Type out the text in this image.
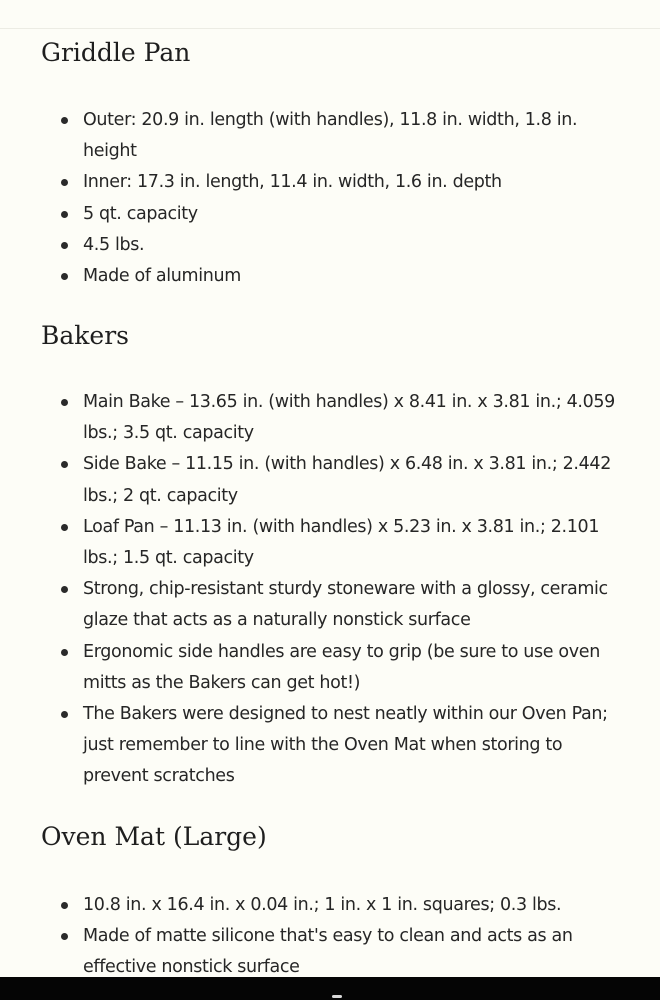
Griddle Pan
Outer: 20.9 in. length (with handles), 11.8 in. width, 1.8 in. height
Inner: 17.3 in. length, 11.4 in. width, 1.6 in. depth
5 qt. capacity
4.5 lbs.
Made of aluminum
Bakers
Main Bake – 13.65 in. (with handles) x 8.41 in. x 3.81 in.; 4.059 lbs.; 3.5 qt. capacity
Side Bake – 11.15 in. (with handles) x 6.48 in. x 3.81 in.; 2.442 lbs.; 2 qt. capacity
Loaf Pan – 11.13 in. (with handles) x 5.23 in. x 3.81 in.; 2.101 lbs.; 1.5 qt. capacity
Strong, chip-resistant sturdy stoneware with a glossy, ceramic glaze that acts as a naturally nonstick surface
Ergonomic side handles are easy to grip (be sure to use oven mitts as the Bakers can get hot!)
The Bakers were designed to nest neatly within our Oven Pan; just remember to line with the Oven Mat when storing to prevent scratches
Oven Mat (Large)
10.8 in. x 16.4 in. x 0.04 in.; 1 in. x 1 in. squares; 0.3 lbs.
Made of matte silicone that's easy to clean and acts as an effective nonstick surface
